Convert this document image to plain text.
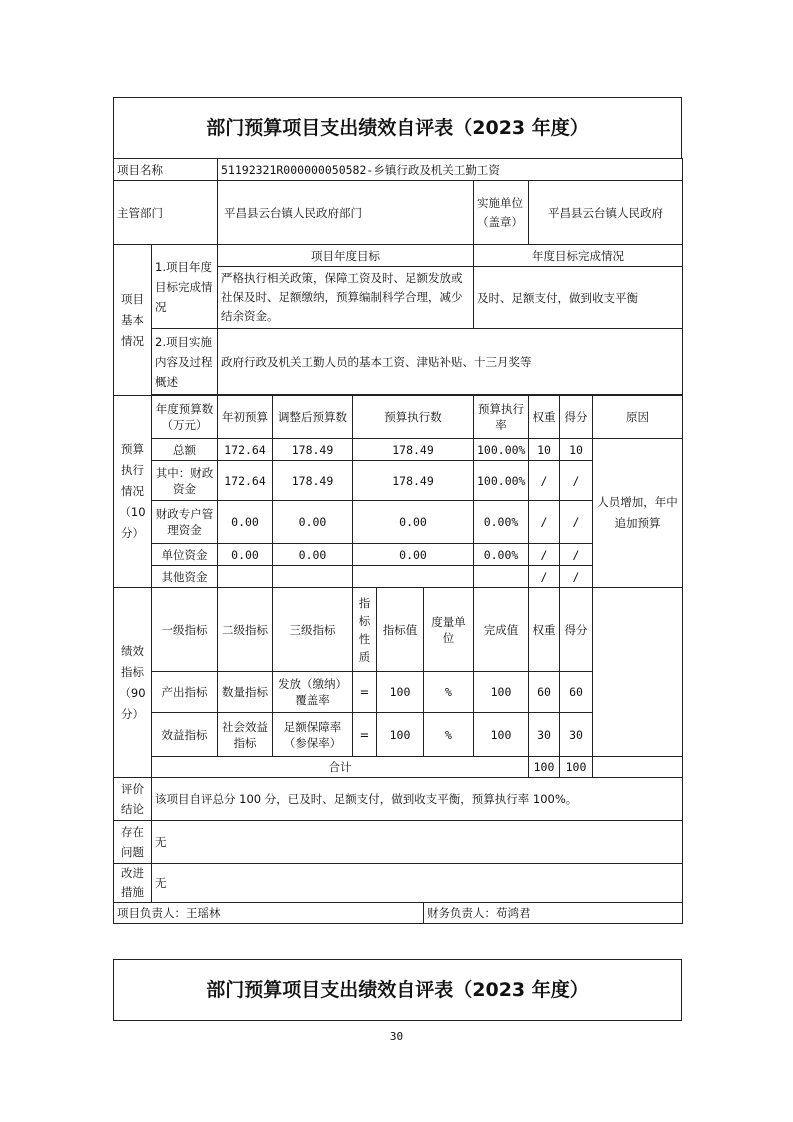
部门预算项目支出绩效自评表（2023 年度）
项目名称		51192321R000000050582-乡镇行政及机关工勤工资								
主管部门		平昌县云台镇人民政府部门					实施单位（盖章）	平昌县云台镇人民政府		
项目基本情况	1.项目年度目标完成情况	项目年度目标					年度目标完成情况			
		严格执行相关政策，保障工资及时、足额发放或社保及时、足额缴纳，预算编制科学合理，减少结余资金。					及时、足额支付，做到收支平衡			
	2.项目实施内容及过程概述	政府行政及机关工勤人员的基本工资、津贴补贴、十三月奖等								

预算执行情况（10分）	年度预算数（万元）	年初预算	调整后预算数	预算执行数			预算执行率	权重	得分	原因
	总额	172.64	178.49	178.49			100.00%	10	10	人员增加，年中追加预算
	其中：财政资金	172.64	178.49	178.49			100.00%	/	/	
	财政专户管理资金	0.00	0.00	0.00			0.00%	/	/	
	单位资金	0.00	0.00	0.00			0.00%	/	/	
	其他资金							/	/	
绩效指标（90分）	一级指标	二级指标	三级指标	指标性质	指标值	度量单位	完成值	权重	得分	
	产出指标	数量指标	发放（缴纳）覆盖率	=	100	%	100	60	60	
	效益指标	社会效益指标	足额保障率（参保率）	=	100	%	100	30	30	
	合计							100	100	
评价结论	该项目自评总分 100 分，已及时、足额支付，做到收支平衡，预算执行率 100%。									
存在问题	无									
改进措施	无									
项目负责人：王瑶林						财务负责人：苟鸿君				
部门预算项目支出绩效自评表（2023 年度）
30
